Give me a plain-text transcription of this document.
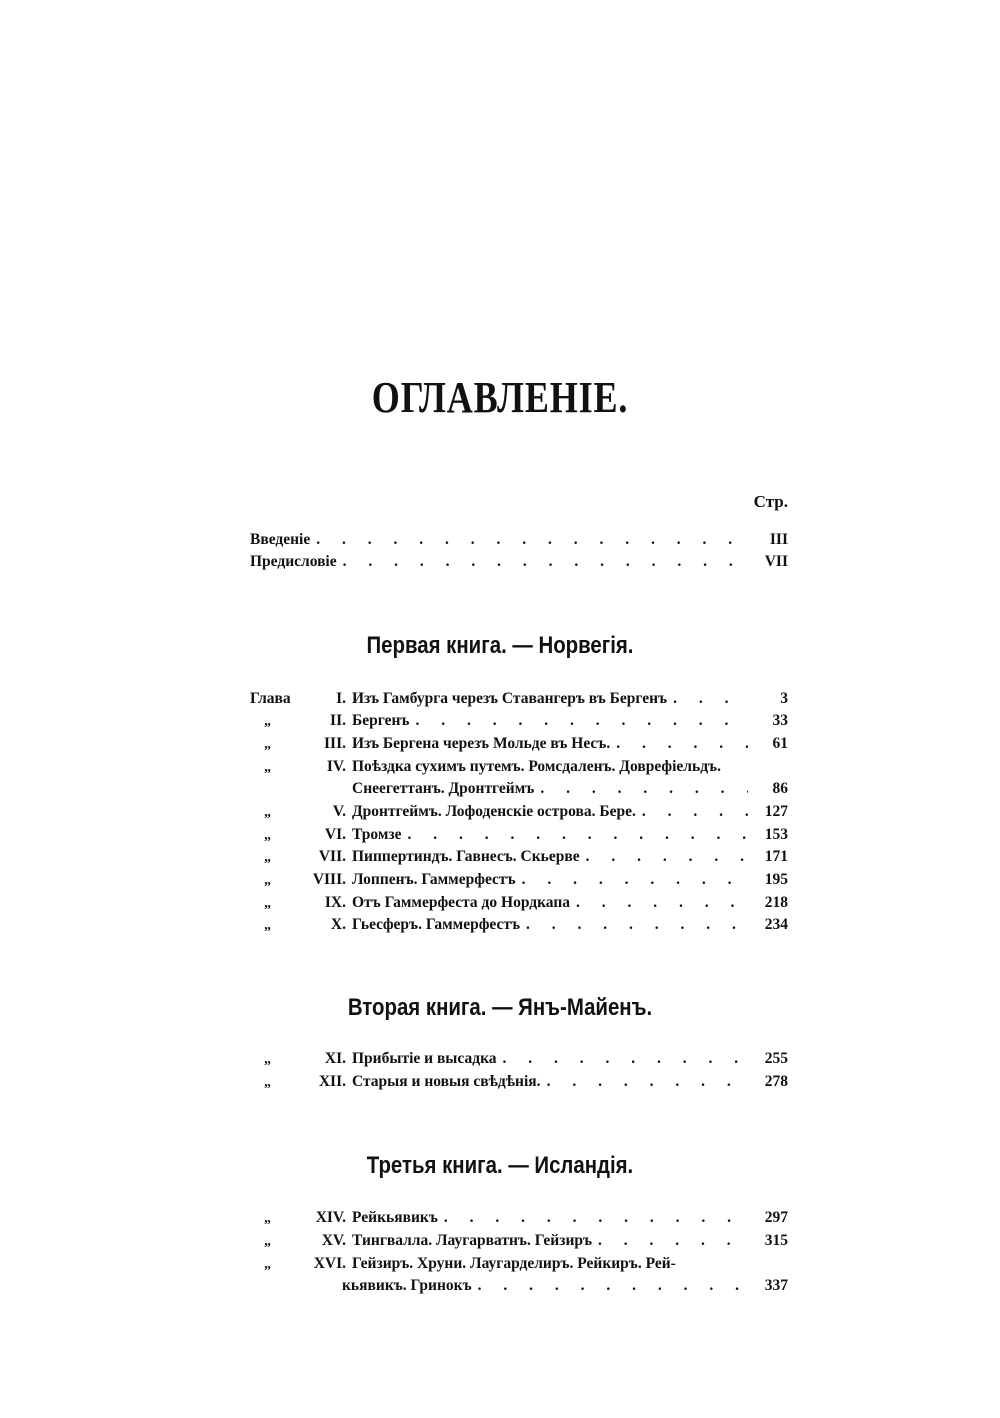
ОГЛАВЛЕНІЕ.
Стр.
Введеніе . . .	III
Предисловіе . . .	VII
Первая книга. — Норвегія.
Глава	I. Изъ Гамбурга черезъ Ставангеръ въ Бергенъ . . .	3
„	II. Бергенъ . . .	33
„	III. Изъ Бергена черезъ Мольде въ Несъ. . . .	61
„	IV. Поѣздка сухимъ путемъ. Ромсдаленъ. Доврефіельдъ.
Снеегеттанъ. Дронтгеймъ . . .	86
„	V. Дронтгеймъ. Лофоденскіе острова. Бере. . . .	127
„	VI. Тромзе . . .	153
„	VII. Пиппертиндъ. Гавнесъ. Скьерве . . .	171
„	VIII. Лоппенъ. Гаммерфестъ . . .	195
„	IX. Отъ Гаммерфеста до Нордкапа . . .	218
„	X. Гьесферъ. Гаммерфестъ . . .	234
Вторая книга. — Янъ-Майенъ.
„	XI. Прибытіе и высадка . . .	255
„	XII. Старыя и новыя свѣдѣнія. . . .	278
Третья книга. — Исландія.
„	XIV. Рейкьявикъ . . .	297
„	XV. Тингвалла. Лаугарватнъ. Гейзиръ . . .	315
„	XVI. Гейзиръ. Хруни. Лаугарделиръ. Рейкиръ. Рей-
кьявикъ. Гринокъ . . .	337
